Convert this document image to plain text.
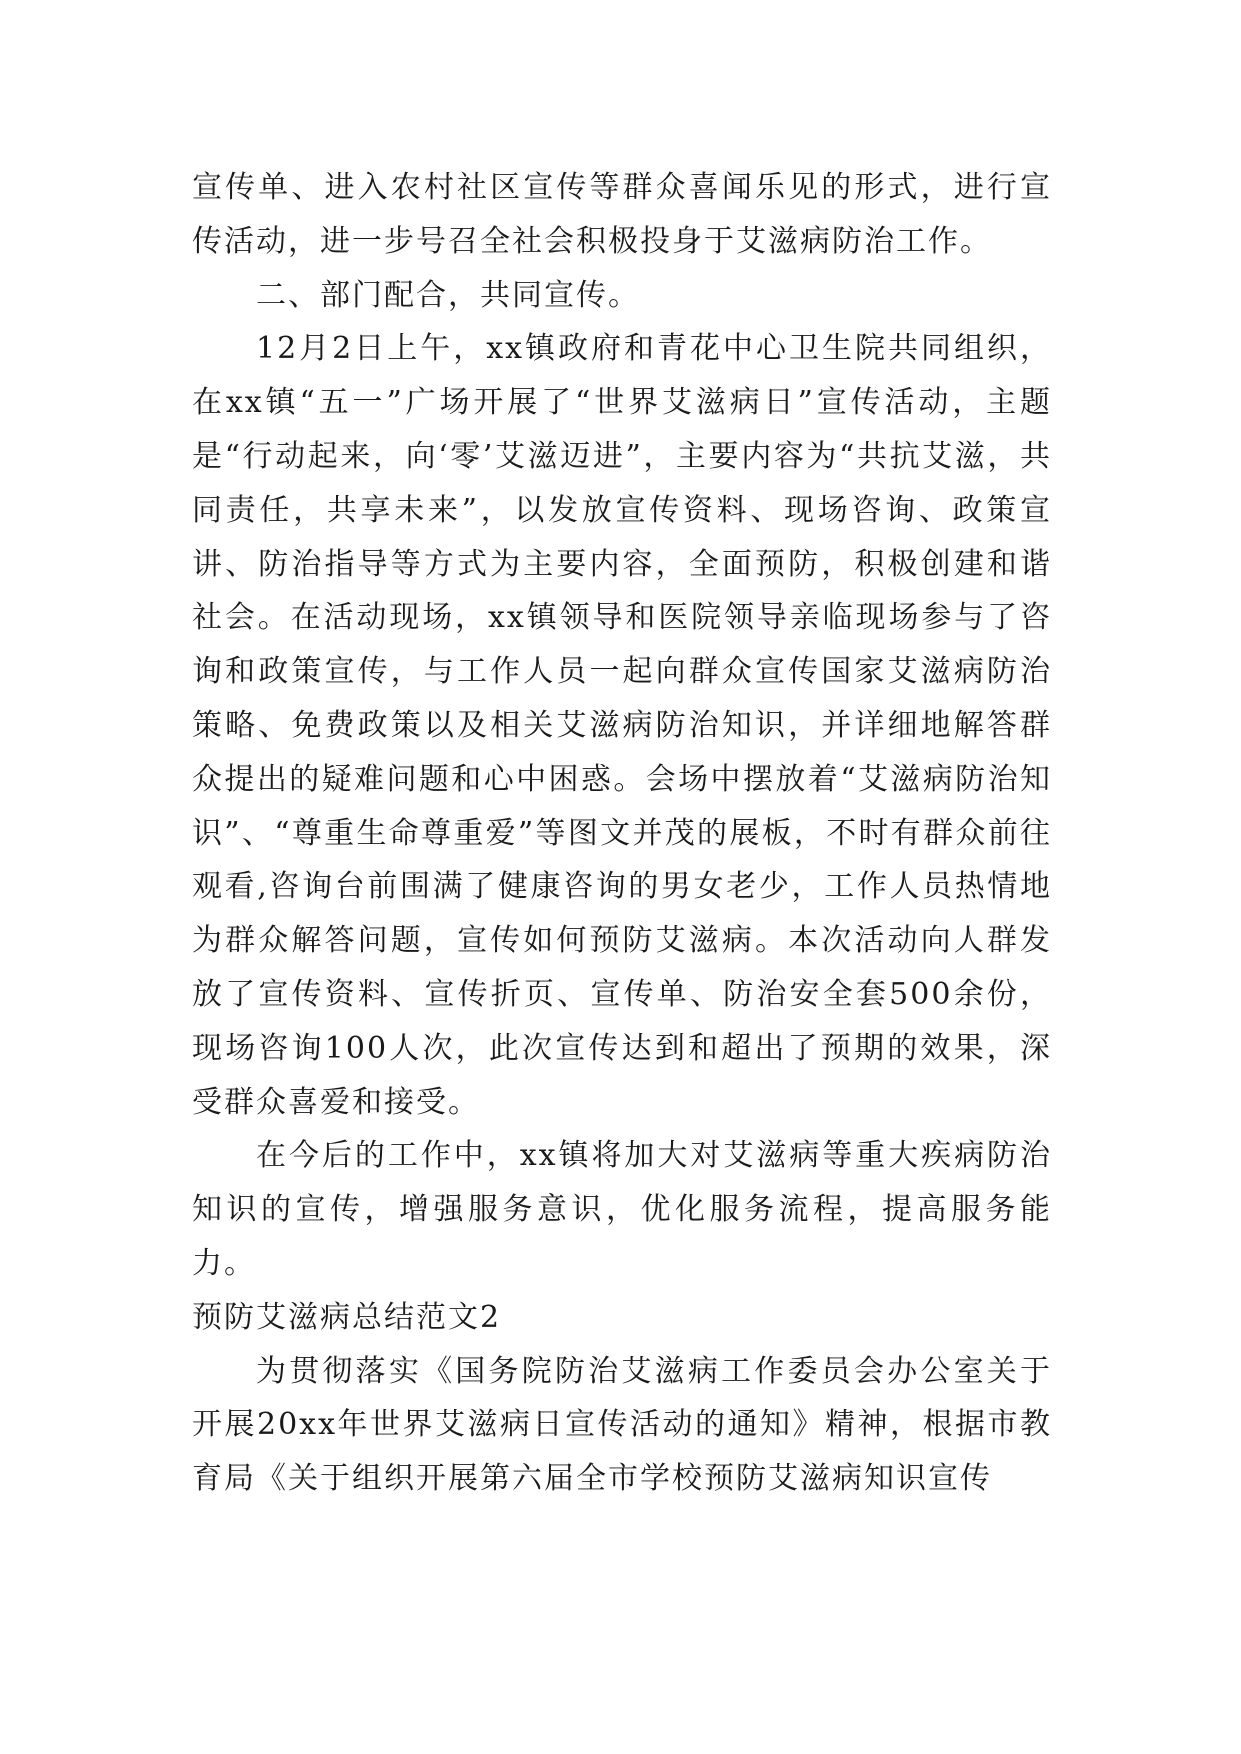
宣传单、进入农村社区宣传等群众喜闻乐见的形式，进行宣传活动，进一步号召全社会积极投身于艾滋病防治工作。

二、部门配合，共同宣传。

12月2日上午，xx镇政府和青花中心卫生院共同组织，在xx镇“五一”广场开展了“世界艾滋病日”宣传活动，主题是“行动起来，向‘零’艾滋迈进”，主要内容为“共抗艾滋，共同责任，共享未来”，以发放宣传资料、现场咨询、政策宣讲、防治指导等方式为主要内容，全面预防，积极创建和谐社会。在活动现场，xx镇领导和医院领导亲临现场参与了咨询和政策宣传，与工作人员一起向群众宣传国家艾滋病防治策略、免费政策以及相关艾滋病防治知识，并详细地解答群众提出的疑难问题和心中困惑。会场中摆放着“艾滋病防治知识”、“尊重生命尊重爱”等图文并茂的展板，不时有群众前往观看,咨询台前围满了健康咨询的男女老少，工作人员热情地为群众解答问题，宣传如何预防艾滋病。本次活动向人群发放了宣传资料、宣传折页、宣传单、防治安全套500余份，现场咨询100人次，此次宣传达到和超出了预期的效果，深受群众喜爱和接受。

在今后的工作中，xx镇将加大对艾滋病等重大疾病防治知识的宣传，增强服务意识，优化服务流程，提高服务能力。

预防艾滋病总结范文2

为贯彻落实《国务院防治艾滋病工作委员会办公室关于开展20xx年世界艾滋病日宣传活动的通知》精神，根据市教育局《关于组织开展第六届全市学校预防艾滋病知识宣传
